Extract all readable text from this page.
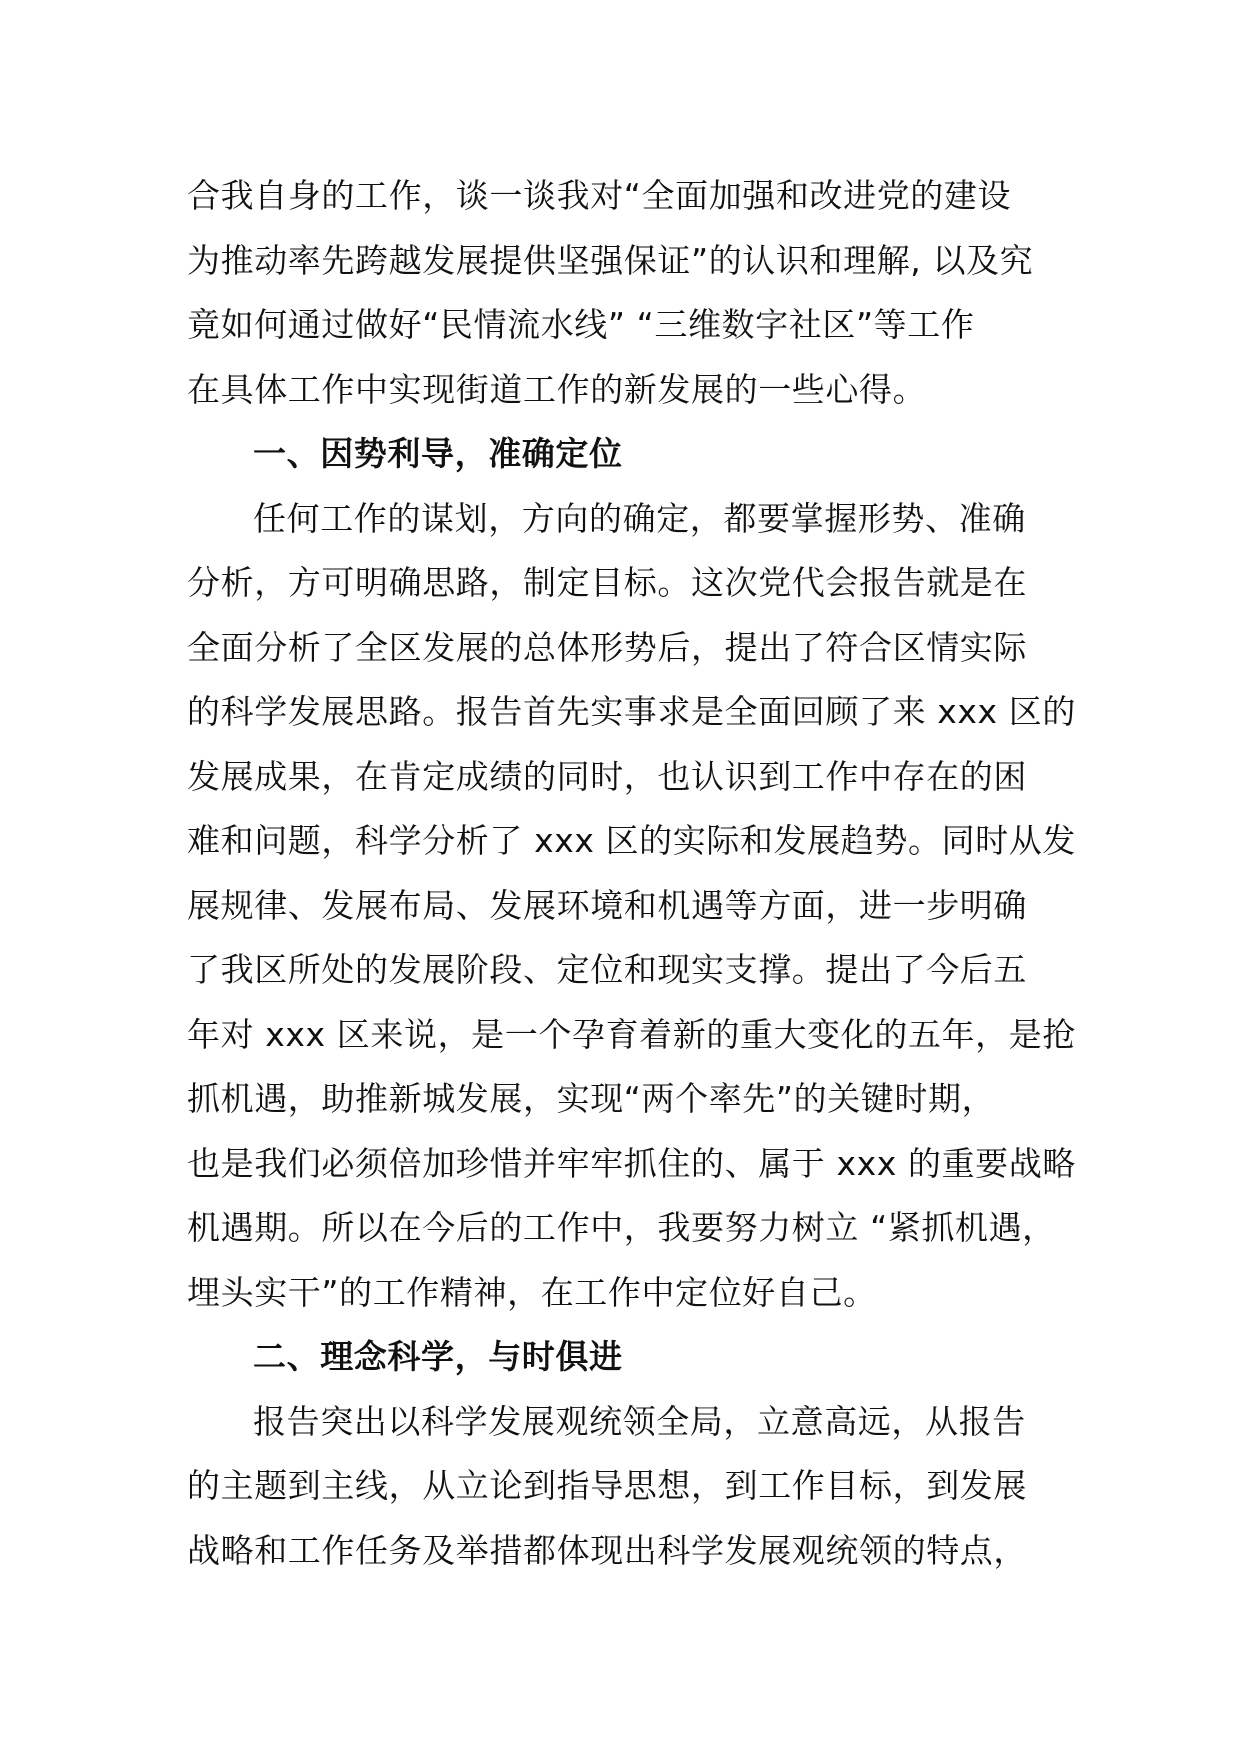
合我自身的工作，谈一谈我对“全面加强和改进党的建设
为推动率先跨越发展提供坚强保证”的认识和理解, 以及究
竟如何通过做好“民情流水线” “三维数字社区”等工作
在具体工作中实现街道工作的新发展的一些心得。
一、因势利导，准确定位
任何工作的谋划，方向的确定，都要掌握形势、准确
分析，方可明确思路，制定目标。这次党代会报告就是在
全面分析了全区发展的总体形势后，提出了符合区情实际
的科学发展思路。报告首先实事求是全面回顾了来 xxx 区的
发展成果，在肯定成绩的同时，也认识到工作中存在的困
难和问题，科学分析了 xxx 区的实际和发展趋势。同时从发
展规律、发展布局、发展环境和机遇等方面，进一步明确
了我区所处的发展阶段、定位和现实支撑。提出了今后五
年对 xxx 区来说，是一个孕育着新的重大变化的五年，是抢
抓机遇，助推新城发展，实现“两个率先”的关键时期，
也是我们必须倍加珍惜并牢牢抓住的、属于 xxx 的重要战略
机遇期。所以在今后的工作中，我要努力树立 “紧抓机遇，
埋头实干”的工作精神，在工作中定位好自己。
二、理念科学，与时俱进
报告突出以科学发展观统领全局，立意高远，从报告
的主题到主线，从立论到指导思想，到工作目标，到发展
战略和工作任务及举措都体现出科学发展观统领的特点，
